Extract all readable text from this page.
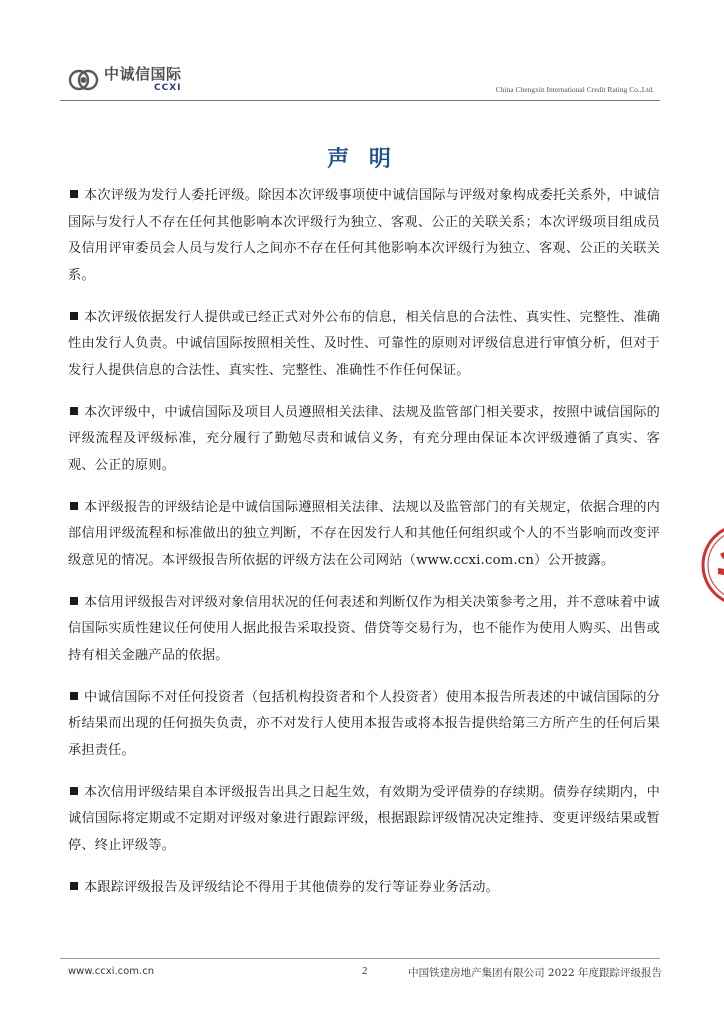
中诚信国际
CCXI	China Chengxin International Credit Rating Co.,Ltd.
声 明

本次评级为发行人委托评级。除因本次评级事项使中诚信国际与评级对象构成委托关系外，中诚信国际与发行人不存在任何其他影响本次评级行为独立、客观、公正的关联关系；本次评级项目组成员及信用评审委员会人员与发行人之间亦不存在任何其他影响本次评级行为独立、客观、公正的关联关系。

本次评级依据发行人提供或已经正式对外公布的信息，相关信息的合法性、真实性、完整性、准确性由发行人负责。中诚信国际按照相关性、及时性、可靠性的原则对评级信息进行审慎分析，但对于发行人提供信息的合法性、真实性、完整性、准确性不作任何保证。

本次评级中，中诚信国际及项目人员遵照相关法律、法规及监管部门相关要求，按照中诚信国际的评级流程及评级标准，充分履行了勤勉尽责和诚信义务，有充分理由保证本次评级遵循了真实、客观、公正的原则。

本评级报告的评级结论是中诚信国际遵照相关法律、法规以及监管部门的有关规定，依据合理的内部信用评级流程和标准做出的独立判断，不存在因发行人和其他任何组织或个人的不当影响而改变评级意见的情况。本评级报告所依据的评级方法在公司网站（www.ccxi.com.cn）公开披露。

本信用评级报告对评级对象信用状况的任何表述和判断仅作为相关决策参考之用，并不意味着中诚信国际实质性建议任何使用人据此报告采取投资、借贷等交易行为，也不能作为使用人购买、出售或持有相关金融产品的依据。

中诚信国际不对任何投资者（包括机构投资者和个人投资者）使用本报告所表述的中诚信国际的分析结果而出现的任何损失负责，亦不对发行人使用本报告或将本报告提供给第三方所产生的任何后果承担责任。

本次信用评级结果自本评级报告出具之日起生效，有效期为受评债券的存续期。债券存续期内，中诚信国际将定期或不定期对评级对象进行跟踪评级，根据跟踪评级情况决定维持、变更评级结果或暂停、终止评级等。

本跟踪评级报告及评级结论不得用于其他债券的发行等证券业务活动。

www.ccxi.com.cn	2	中国铁建房地产集团有限公司 2022 年度跟踪评级报告
